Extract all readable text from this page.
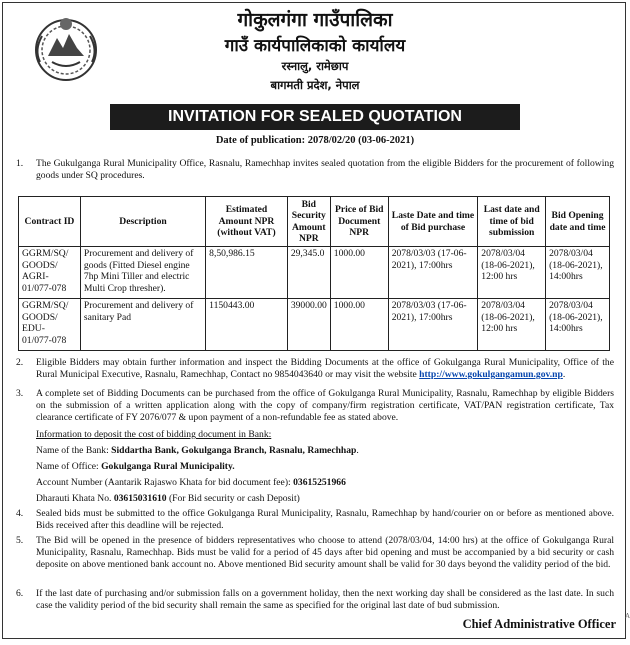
गोकुलगंगा गाउँपालिका
गाउँ कार्यपालिकाको कार्यालय
रस्नालु, रामेछाप
बागमती प्रदेश, नेपाल
INVITATION FOR SEALED QUOTATION
Date of publication: 2078/02/20 (03-06-2021)
1.	The Gukulganga Rural Municipality Office, Rasnalu, Ramechhap invites sealed quotation from the eligible Bidders for the procurement of following goods under SQ procedures.
Contract ID	Description	Estimated Amount NPR (without VAT)	Bid Security Amount NPR	Price of Bid Document NPR	Laste Date and time of Bid purchase	Last date and time of bid submission	Bid Opening date and time
GGRM/SQ/ GOODS/ AGRI- 01/077-078	Procurement and delivery of goods (Fitted Diesel engine 7hp Mini Tiller and electric Multi Crop thresher).	8,50,986.15	29,345.0	1000.00	2078/03/03 (17-06-2021), 17:00hrs	2078/03/04 (18-06-2021), 12:00 hrs	2078/03/04 (18-06-2021), 14:00hrs
GGRM/SQ/ GOODS/ EDU- 01/077-078	Procurement and delivery of sanitary Pad	1150443.00	39000.00	1000.00	2078/03/03 (17-06-2021), 17:00hrs	2078/03/04 (18-06-2021), 12:00 hrs	2078/03/04 (18-06-2021), 14:00hrs
2.	Eligible Bidders may obtain further information and inspect the Bidding Documents at the office of Gokulganga Rural Municipality, Office of the Rural Municipal Executive, Rasnalu, Ramechhap, Contact no 9854043640 or may visit the website http://www.gokulgangamun.gov.np.
3.	A complete set of Bidding Documents can be purchased from the office of Gokulganga Rural Municipality, Rasnalu, Ramechhap by eligible Bidders on the submission of a written application along with the copy of company/firm registration certificate, VAT/PAN registration certificate, Tax clearance certificate of FY 2076/077 & upon payment of a non-refundable fee as stated above.
Information to deposit the cost of bidding document in Bank:
Name of the Bank: Siddartha Bank, Gokulganga Branch, Rasnalu, Ramechhap.
Name of Office: Gokulganga Rural Municipality.
Account Number (Aantarik Rajaswo Khata for bid document fee): 03615251966
Dharauti Khata No. 03615031610 (For Bid security or cash Deposit)
4.	Sealed bids must be submitted to the office Gokulganga Rural Municipality, Rasnalu, Ramechhap by hand/courier on or before as mentioned above. Bids received after this deadline will be rejected.
5.	The Bid will be opened in the presence of bidders representatives who choose to attend (2078/03/04, 14:00 hrs) at the office of Gokulganga Rural Municipality, Rasnalu, Ramechhap. Bids must be valid for a period of 45 days after bid opening and must be accompanied by a bid security or cash deposite on above mentioned bank account no. Above mentioned Bid security amount shall be valid for 30 days beyond the validity period of the bid.
6.	If the last date of purchasing and/or submission falls on a government holiday, then the next working day shall be considered as the last date. In such case the validity period of the bid security shall remain the same as specified for the original last date of bud submission.
Chief Administrative Officer
A
